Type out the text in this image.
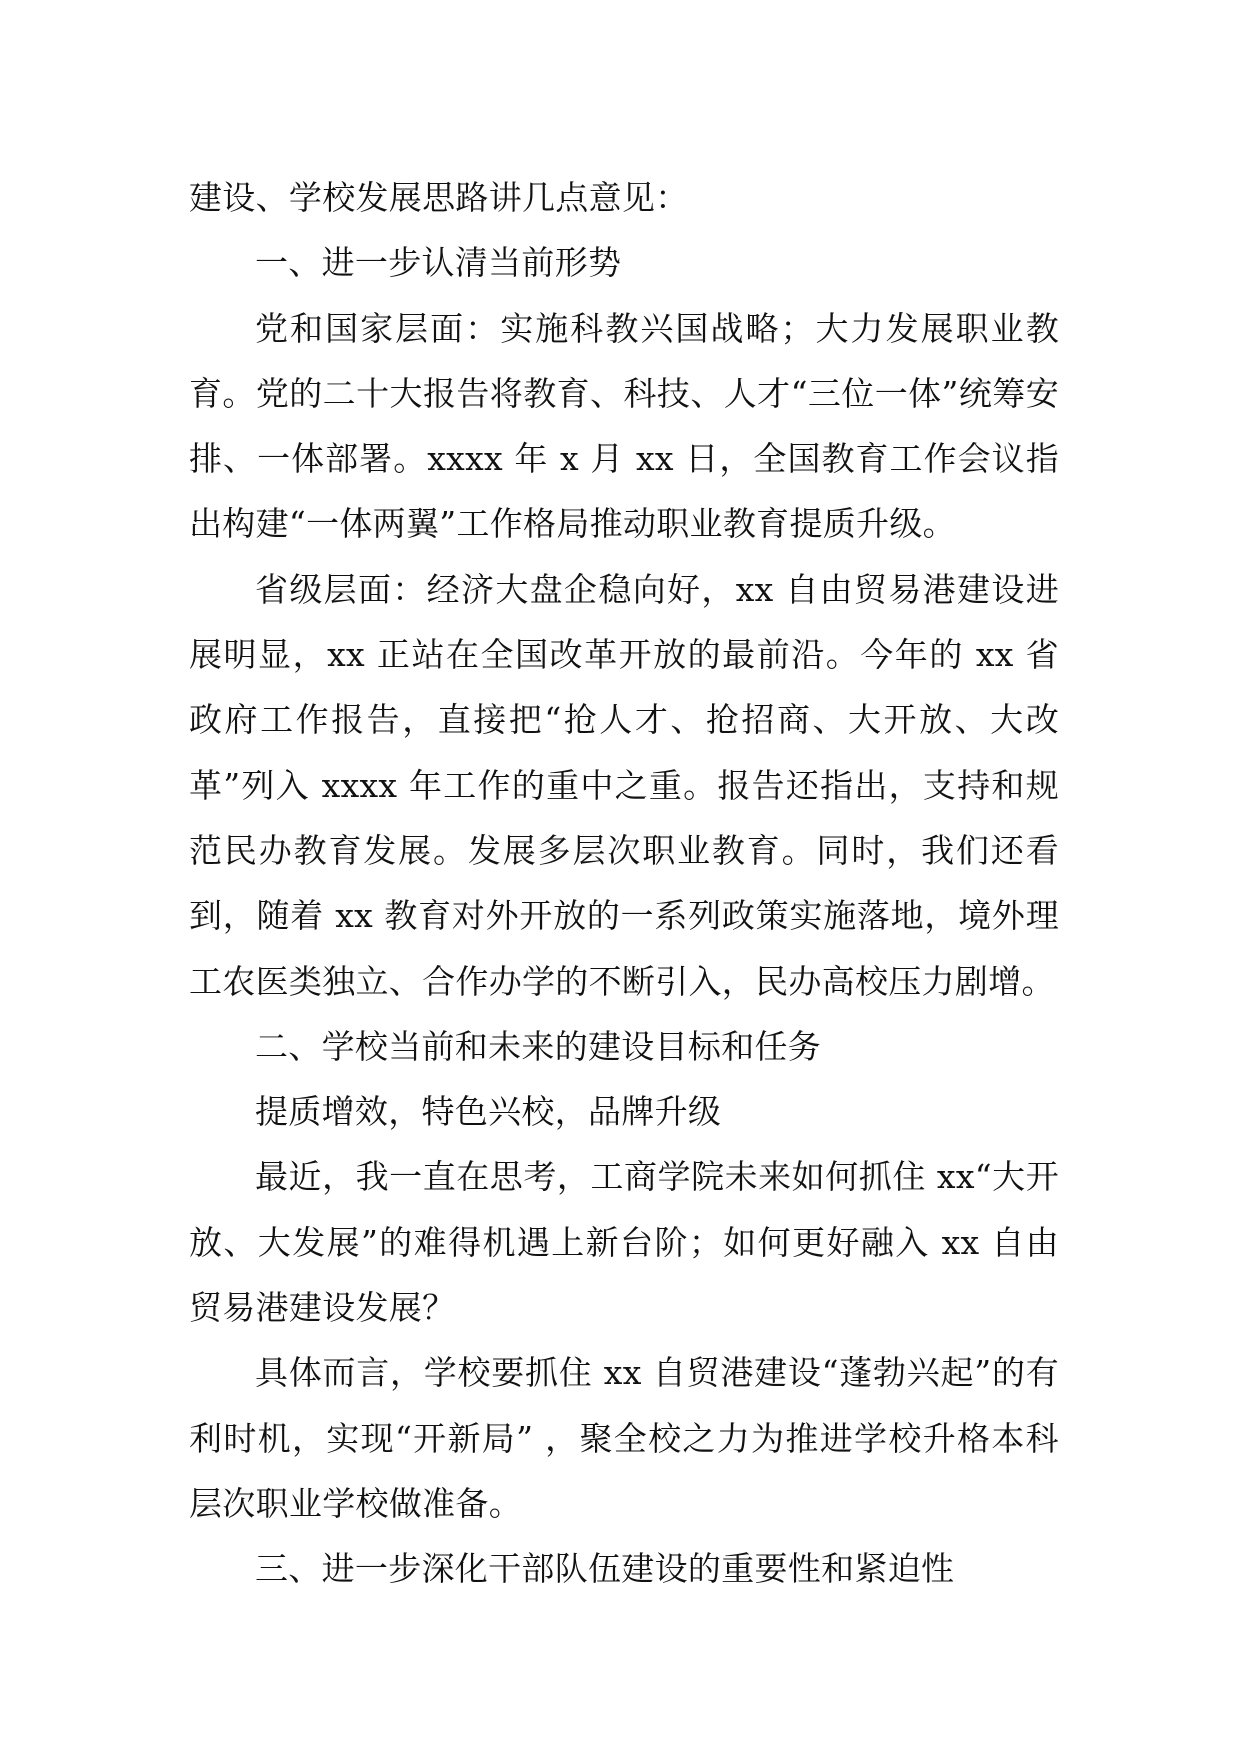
建设、学校发展思路讲几点意见：

一、进一步认清当前形势

党和国家层面：实施科教兴国战略；大力发展职业教育。党的二十大报告将教育、科技、人才“三位一体”统筹安排、一体部署。xxxx 年 x 月 xx 日，全国教育工作会议指出构建“一体两翼”工作格局推动职业教育提质升级。

省级层面：经济大盘企稳向好，xx 自由贸易港建设进展明显，xx 正站在全国改革开放的最前沿。今年的 xx 省政府工作报告，直接把“抢人才、抢招商、大开放、大改革”列入 xxxx 年工作的重中之重。报告还指出，支持和规范民办教育发展。发展多层次职业教育。同时，我们还看到，随着 xx 教育对外开放的一系列政策实施落地，境外理工农医类独立、合作办学的不断引入，民办高校压力剧增。

二、学校当前和未来的建设目标和任务

提质增效，特色兴校，品牌升级

最近，我一直在思考，工商学院未来如何抓住 xx“大开放、大发展”的难得机遇上新台阶；如何更好融入 xx 自由贸易港建设发展？

具体而言，学校要抓住 xx 自贸港建设“蓬勃兴起”的有利时机，实现“开新局” ，聚全校之力为推进学校升格本科层次职业学校做准备。

三、进一步深化干部队伍建设的重要性和紧迫性
